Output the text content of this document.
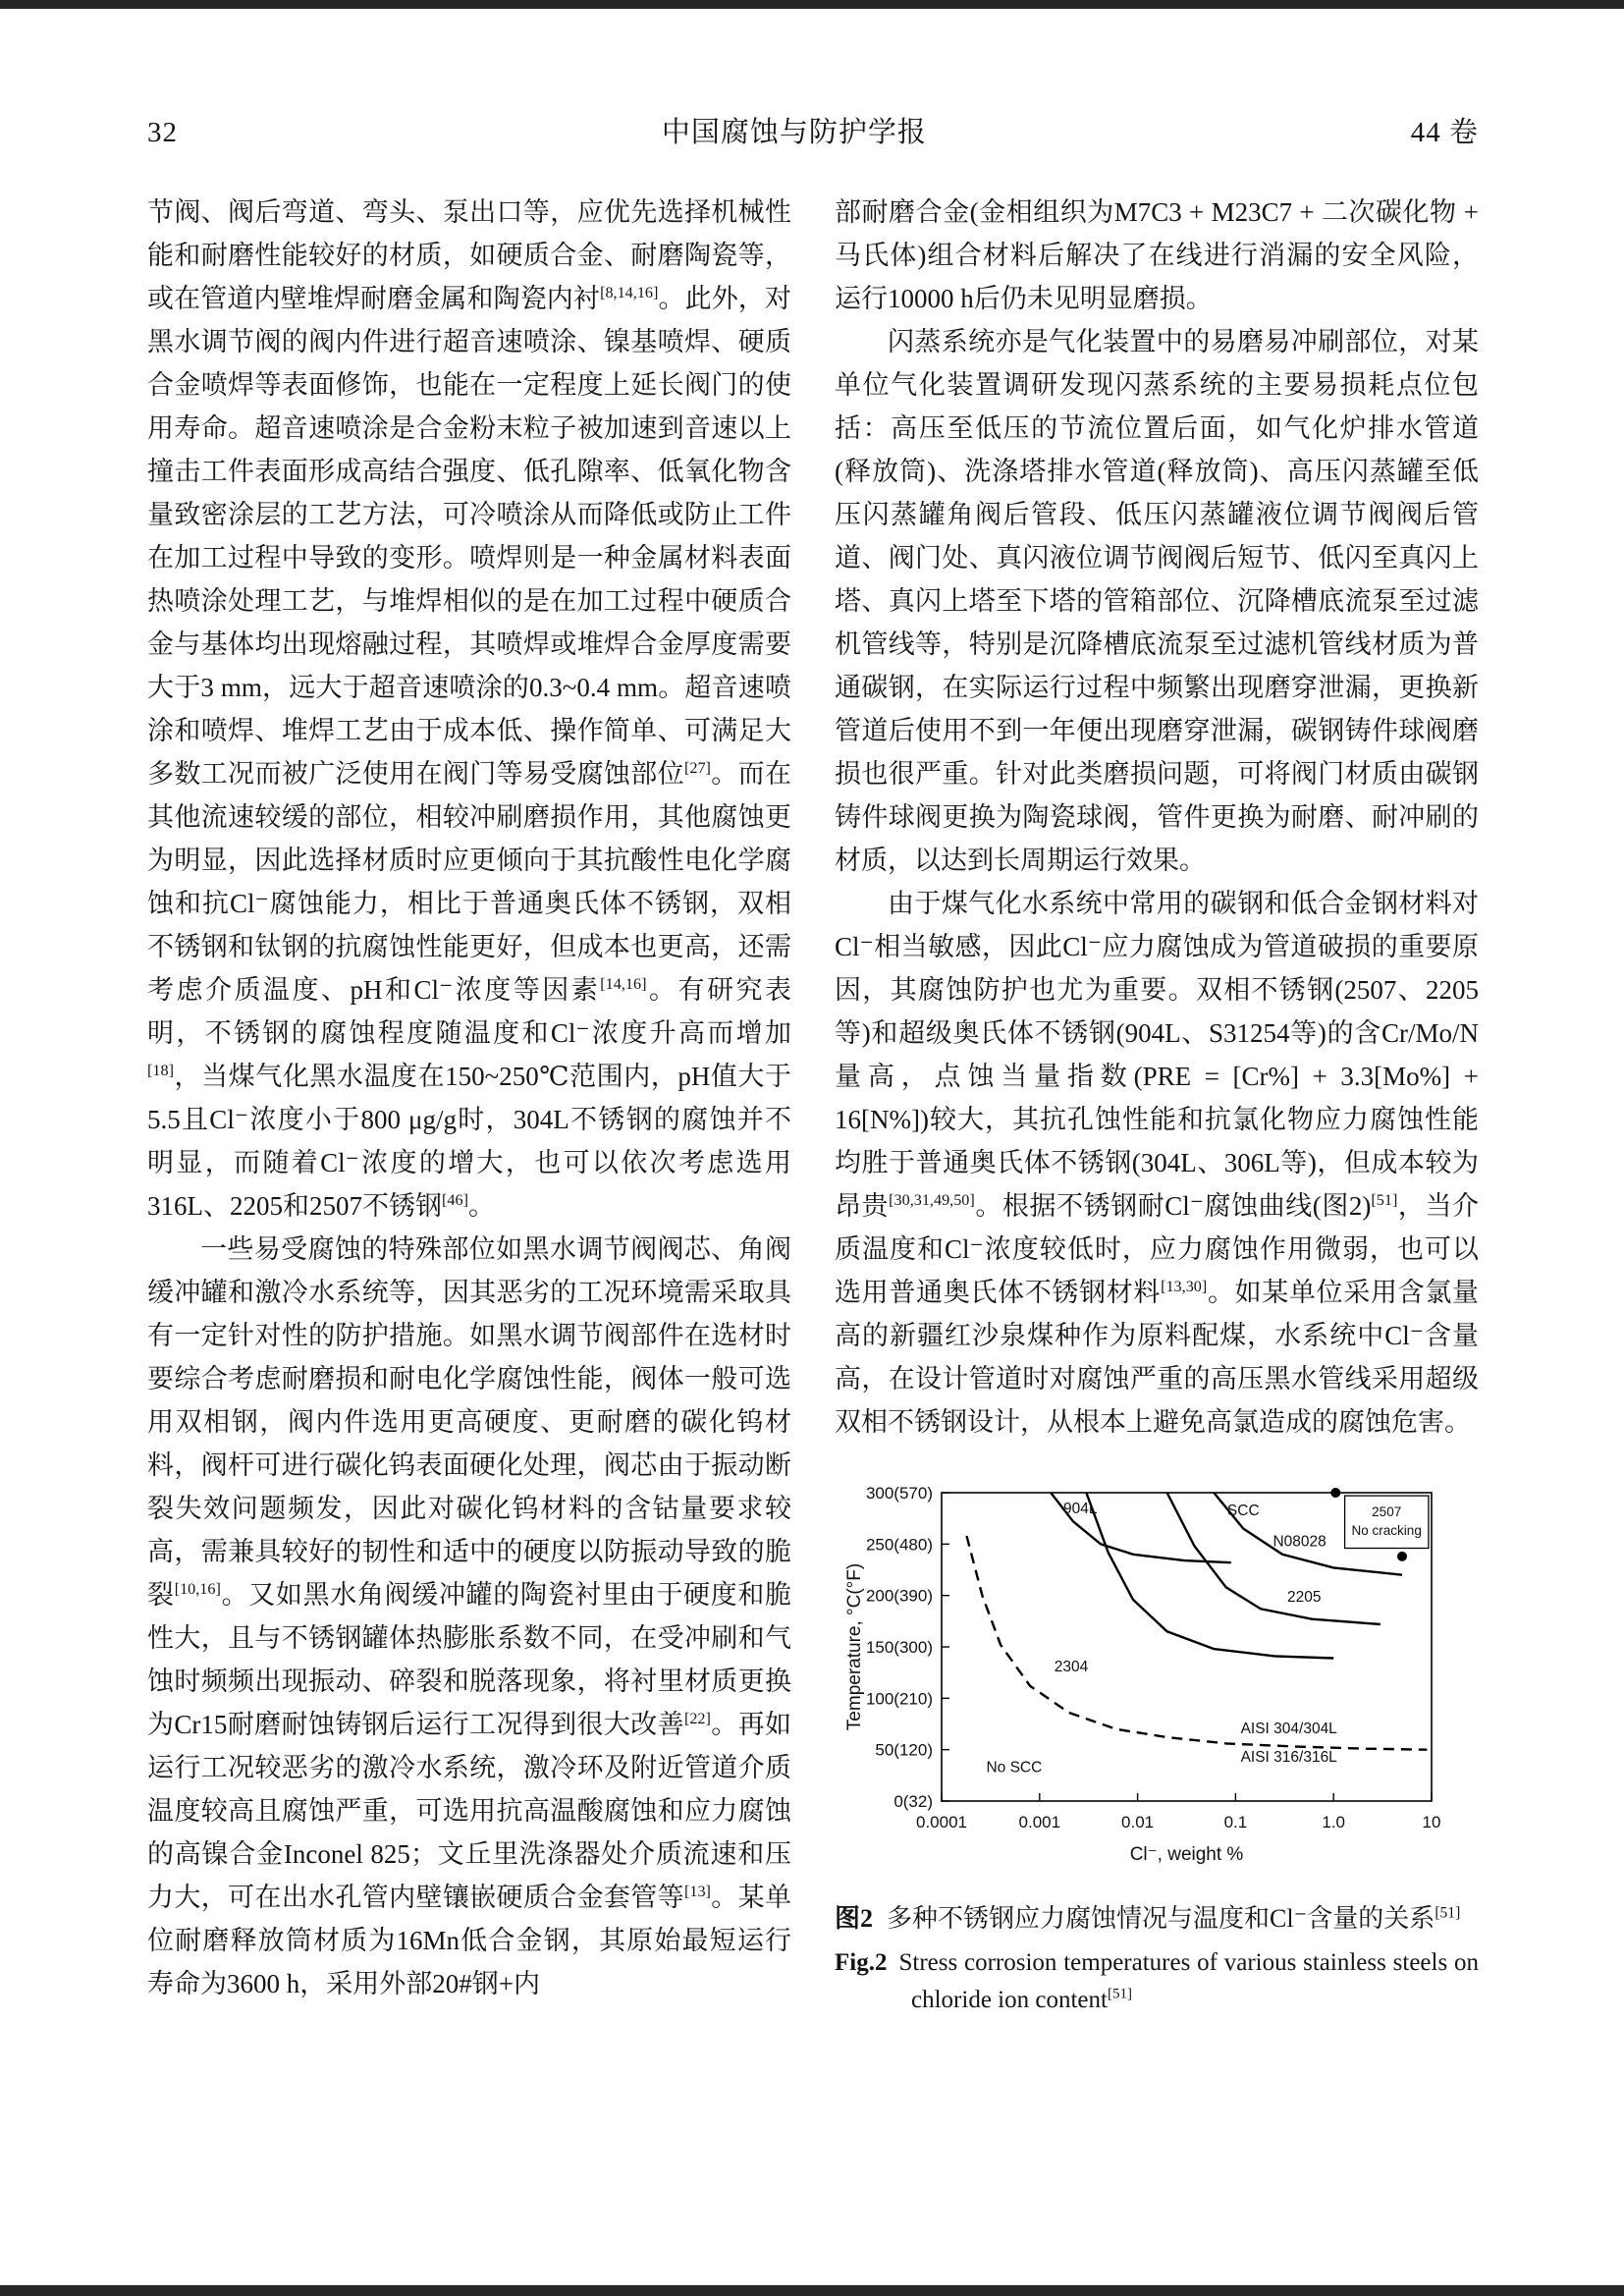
32	中国腐蚀与防护学报	44 卷

节阀、阀后弯道、弯头、泵出口等，应优先选择机械性能和耐磨性能较好的材质，如硬质合金、耐磨陶瓷等，或在管道内壁堆焊耐磨金属和陶瓷内衬[8,14,16]。此外，对黑水调节阀的阀内件进行超音速喷涂、镍基喷焊、硬质合金喷焊等表面修饰，也能在一定程度上延长阀门的使用寿命。超音速喷涂是合金粉末粒子被加速到音速以上撞击工件表面形成高结合强度、低孔隙率、低氧化物含量致密涂层的工艺方法，可冷喷涂从而降低或防止工件在加工过程中导致的变形。喷焊则是一种金属材料表面热喷涂处理工艺，与堆焊相似的是在加工过程中硬质合金与基体均出现熔融过程，其喷焊或堆焊合金厚度需要大于3 mm，远大于超音速喷涂的0.3~0.4 mm。超音速喷涂和喷焊、堆焊工艺由于成本低、操作简单、可满足大多数工况而被广泛使用在阀门等易受腐蚀部位[27]。而在其他流速较缓的部位，相较冲刷磨损作用，其他腐蚀更为明显，因此选择材质时应更倾向于其抗酸性电化学腐蚀和抗Cl⁻腐蚀能力，相比于普通奥氏体不锈钢，双相不锈钢和钛钢的抗腐蚀性能更好，但成本也更高，还需考虑介质温度、pH和Cl⁻浓度等因素[14,16]。有研究表明，不锈钢的腐蚀程度随温度和Cl⁻浓度升高而增加[18]，当煤气化黑水温度在150~250℃范围内，pH值大于5.5且Cl⁻浓度小于800 μg/g时，304L不锈钢的腐蚀并不明显，而随着Cl⁻浓度的增大，也可以依次考虑选用316L、2205和2507不锈钢[46]。

一些易受腐蚀的特殊部位如黑水调节阀阀芯、角阀缓冲罐和激冷水系统等，因其恶劣的工况环境需采取具有一定针对性的防护措施。如黑水调节阀部件在选材时要综合考虑耐磨损和耐电化学腐蚀性能，阀体一般可选用双相钢，阀内件选用更高硬度、更耐磨的碳化钨材料，阀杆可进行碳化钨表面硬化处理，阀芯由于振动断裂失效问题频发，因此对碳化钨材料的含钴量要求较高，需兼具较好的韧性和适中的硬度以防振动导致的脆裂[10,16]。又如黑水角阀缓冲罐的陶瓷衬里由于硬度和脆性大，且与不锈钢罐体热膨胀系数不同，在受冲刷和气蚀时频频出现振动、碎裂和脱落现象，将衬里材质更换为Cr15耐磨耐蚀铸钢后运行工况得到很大改善[22]。再如运行工况较恶劣的激冷水系统，激冷环及附近管道介质温度较高且腐蚀严重，可选用抗高温酸腐蚀和应力腐蚀的高镍合金Inconel 825；文丘里洗涤器处介质流速和压力大，可在出水孔管内壁镶嵌硬质合金套管等[13]。某单位耐磨释放筒材质为16Mn低合金钢，其原始最短运行寿命为3600 h，采用外部20#钢+内

部耐磨合金(金相组织为M7C3 + M23C7 + 二次碳化物 + 马氏体)组合材料后解决了在线进行消漏的安全风险，运行10000 h后仍未见明显磨损。

闪蒸系统亦是气化装置中的易磨易冲刷部位，对某单位气化装置调研发现闪蒸系统的主要易损耗点位包括：高压至低压的节流位置后面，如气化炉排水管道(释放筒)、洗涤塔排水管道(释放筒)、高压闪蒸罐至低压闪蒸罐角阀后管段、低压闪蒸罐液位调节阀阀后管道、阀门处、真闪液位调节阀阀后短节、低闪至真闪上塔、真闪上塔至下塔的管箱部位、沉降槽底流泵至过滤机管线等，特别是沉降槽底流泵至过滤机管线材质为普通碳钢，在实际运行过程中频繁出现磨穿泄漏，更换新管道后使用不到一年便出现磨穿泄漏，碳钢铸件球阀磨损也很严重。针对此类磨损问题，可将阀门材质由碳钢铸件球阀更换为陶瓷球阀，管件更换为耐磨、耐冲刷的材质，以达到长周期运行效果。

由于煤气化水系统中常用的碳钢和低合金钢材料对Cl⁻相当敏感，因此Cl⁻应力腐蚀成为管道破损的重要原因，其腐蚀防护也尤为重要。双相不锈钢(2507、2205等)和超级奥氏体不锈钢(904L、S31254等)的含Cr/Mo/N量高，点蚀当量指数(PRE = [Cr%] + 3.3[Mo%] + 16[N%])较大，其抗孔蚀性能和抗氯化物应力腐蚀性能均胜于普通奥氏体不锈钢(304L、306L等)，但成本较为昂贵[30,31,49,50]。根据不锈钢耐Cl⁻腐蚀曲线(图2)[51]，当介质温度和Cl⁻浓度较低时，应力腐蚀作用微弱，也可以选用普通奥氏体不锈钢材料[13,30]。如某单位采用含氯量高的新疆红沙泉煤种作为原料配煤，水系统中Cl⁻含量高，在设计管道时对腐蚀严重的高压黑水管线采用超级双相不锈钢设计，从根本上避免高氯造成的腐蚀危害。

0(32)
50(120)
100(210)
150(300)
200(390)
250(480)
300(570)
0.0001	0.001	0.01	0.1	1.0	10
Cl⁻, weight %
Temperature, °C(°F)
904L	SCC
N08028
2205
2304
AISI 304/304L
AISI 316/316L
No SCC
2507
No cracking
图2 多种不锈钢应力腐蚀情况与温度和Cl⁻含量的关系[51]
Fig.2 Stress corrosion temperatures of various stainless steels on chloride ion content[51]
